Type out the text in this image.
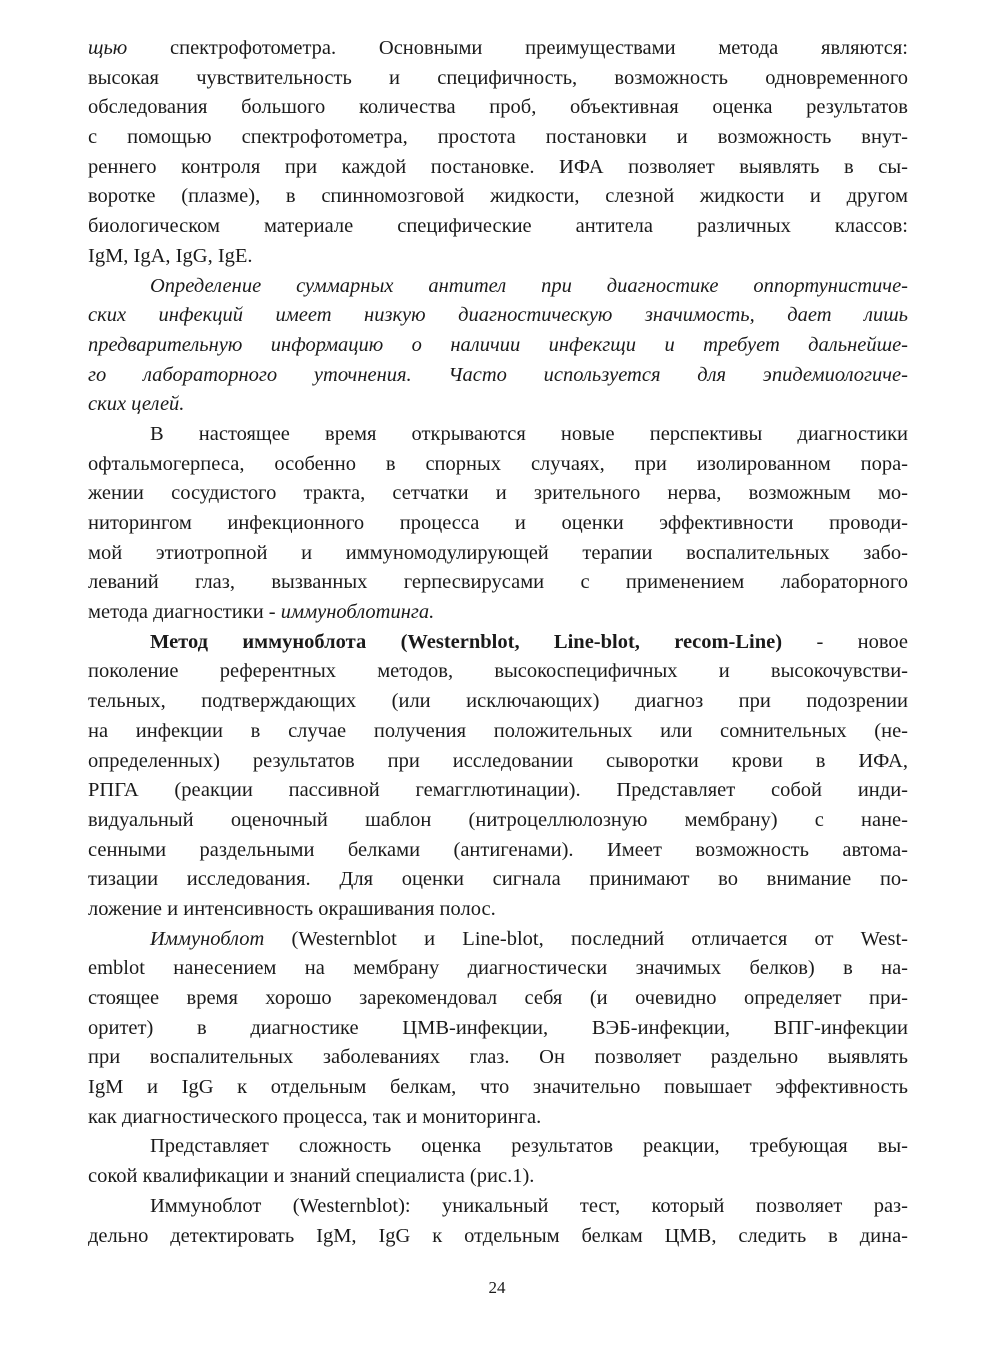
щью спектрофотометра. Основными преимуществами метода являются:
высокая чувствительность и специфичность, возможность одновременного
обследования большого количества проб, объективная оценка результатов
с помощью спектрофотометра, простота постановки и возможность внут-
реннего контроля при каждой постановке. ИФА позволяет выявлять в сы-
воротке (плазме), в спинномозговой жидкости, слезной жидкости и другом
биологическом материале специфические антитела различных классов:
IgM, IgA, IgG, IgE.
Определение суммарных антител при диагностике оппортунистиче-
ских инфекций имеет низкую диагностическую значимость, дает лишь
предварительную информацию о наличии инфекгщи и требует дальнейше-
го лабораторного уточнения. Часто используется для эпидемиологиче-
ских целей.
В настоящее время открываются новые перспективы диагностики
офтальмогерпеса, особенно в спорных случаях, при изолированном пора-
жении сосудистого тракта, сетчатки и зрительного нерва, возможным мо-
ниторингом инфекционного процесса и оценки эффективности проводи-
мой этиотропной и иммуномодулирующей терапии воспалительных забо-
леваний глаз, вызванных герпесвирусами с применением лабораторного
метода диагностики - иммуноблотинга.
Метод иммуноблота (Westernblot, Line-blot, recom-Line) - новое
поколение референтных методов, высокоспецифичных и высокочувстви-
тельных, подтверждающих (или исключающих) диагноз при подозрении
на инфекции в случае получения положительных или сомнительных (не-
определенных) результатов при исследовании сыворотки крови в ИФА,
РПГА (реакции пассивной гемагглютинации). Представляет собой инди-
видуальный оценочный шаблон (нитроцеллюлозную мембрану) с нане-
сенными раздельными белками (антигенами). Имеет возможность автома-
тизации исследования. Для оценки сигнала принимают во внимание по-
ложение и интенсивность окрашивания полос.
Иммуноблот (Westernblot и Line-blot, последний отличается от West-
emblot нанесением на мембрану диагностически значимых белков) в на-
стоящее время хорошо зарекомендовал себя (и очевидно определяет при-
оритет) в диагностике ЦМВ-инфекции, ВЭБ-инфекции, ВПГ-инфекции
при воспалительных заболеваниях глаз. Он позволяет раздельно выявлять
IgM и IgG к отдельным белкам, что значительно повышает эффективность
как диагностического процесса, так и мониторинга.
Представляет сложность оценка результатов реакции, требующая вы-
сокой квалификации и знаний специалиста (рис.1).
Иммуноблот (Westernblot): уникальный тест, который позволяет раз-
дельно детектировать IgM, IgG к отдельным белкам ЦМВ, следить в дина-
24
